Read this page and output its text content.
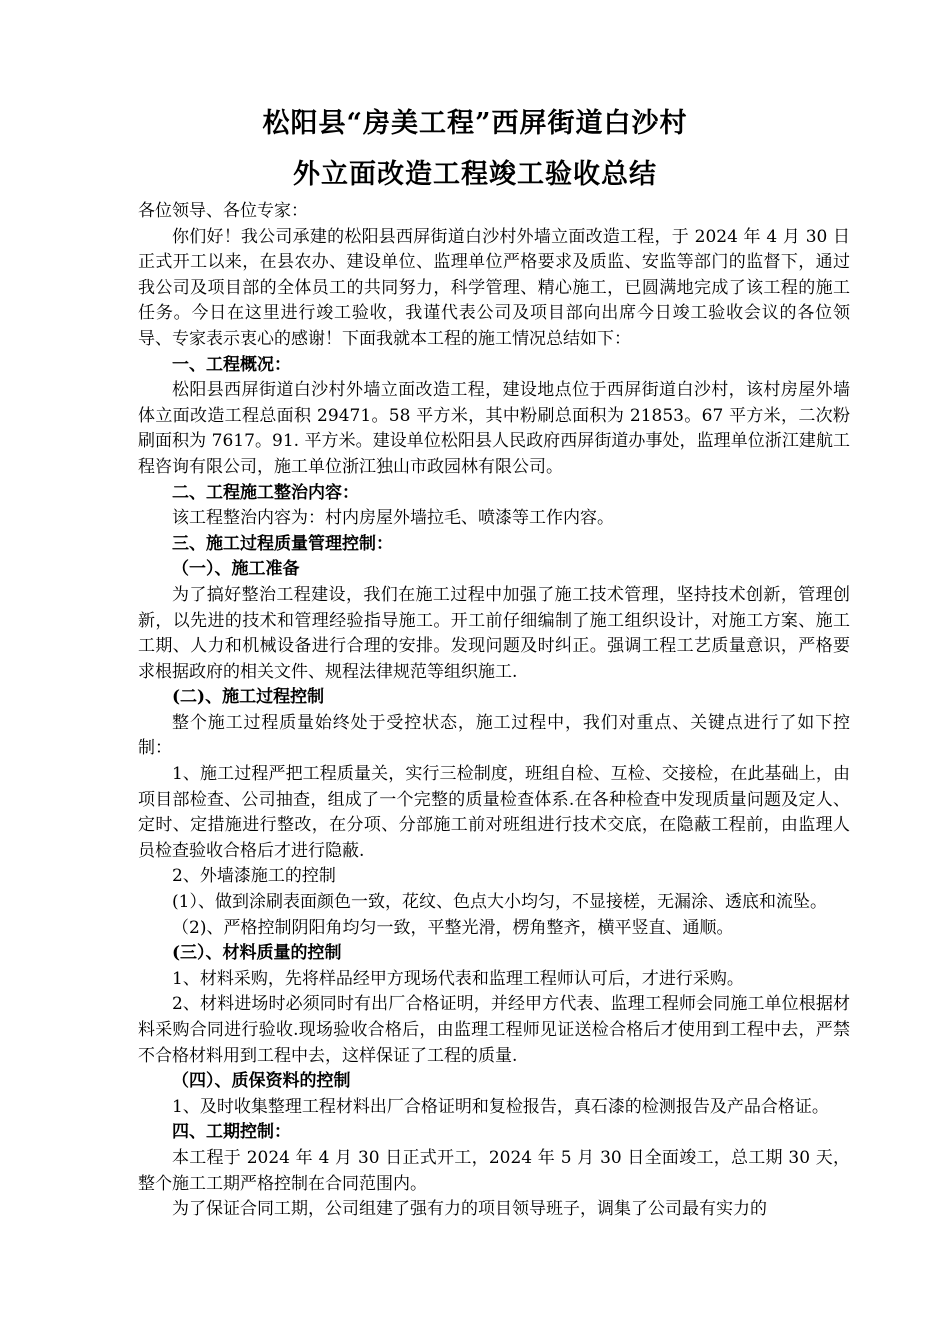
松阳县“房美工程”西屏街道白沙村
外立面改造工程竣工验收总结

各位领导、各位专家：

你们好！我公司承建的松阳县西屏街道白沙村外墙立面改造工程，于 2024 年 4 月 30 日正式开工以来，在县农办、建设单位、监理单位严格要求及质监、安监等部门的监督下，通过我公司及项目部的全体员工的共同努力，科学管理、精心施工，已圆满地完成了该工程的施工任务。今日在这里进行竣工验收，我谨代表公司及项目部向出席今日竣工验收会议的各位领导、专家表示衷心的感谢！下面我就本工程的施工情况总结如下：

一、工程概况：

松阳县西屏街道白沙村外墙立面改造工程，建设地点位于西屏街道白沙村，该村房屋外墙体立面改造工程总面积 29471。58 平方米，其中粉刷总面积为 21853。67 平方米，二次粉刷面积为 7617。91. 平方米。建设单位松阳县人民政府西屏街道办事处，监理单位浙江建航工程咨询有限公司，施工单位浙江独山市政园林有限公司。

二、工程施工整治内容：

该工程整治内容为：村内房屋外墙拉毛、喷漆等工作内容。

三、施工过程质量管理控制：

（一）、施工准备

为了搞好整治工程建设，我们在施工过程中加强了施工技术管理，坚持技术创新，管理创新，以先进的技术和管理经验指导施工。开工前仔细编制了施工组织设计，对施工方案、施工工期、人力和机械设备进行合理的安排。发现问题及时纠正。强调工程工艺质量意识，严格要求根据政府的相关文件、规程法律规范等组织施工.

(二)、施工过程控制

整个施工过程质量始终处于受控状态，施工过程中，我们对重点、关键点进行了如下控制：

1、施工过程严把工程质量关，实行三检制度，班组自检、互检、交接检，在此基础上，由项目部检查、公司抽查，组成了一个完整的质量检查体系.在各种检查中发现质量问题及定人、定时、定措施进行整改，在分项、分部施工前对班组进行技术交底，在隐蔽工程前，由监理人员检查验收合格后才进行隐蔽.

2、外墙漆施工的控制

(1）、做到涂刷表面颜色一致，花纹、色点大小均匀，不显接槎，无漏涂、透底和流坠。

（2)、严格控制阴阳角均匀一致，平整光滑，楞角整齐，横平竖直、通顺。

(三）、材料质量的控制

1、材料采购，先将样品经甲方现场代表和监理工程师认可后，才进行采购。

2、材料进场时必须同时有出厂合格证明，并经甲方代表、监理工程师会同施工单位根据材料采购合同进行验收.现场验收合格后，由监理工程师见证送检合格后才使用到工程中去，严禁不合格材料用到工程中去，这样保证了工程的质量.

（四）、质保资料的控制

1、及时收集整理工程材料出厂合格证明和复检报告，真石漆的检测报告及产品合格证。

四、工期控制：

本工程于 2024 年 4 月 30 日正式开工，2024 年 5 月 30 日全面竣工，总工期 30 天，整个施工工期严格控制在合同范围内。

为了保证合同工期，公司组建了强有力的项目领导班子，调集了公司最有实力的
